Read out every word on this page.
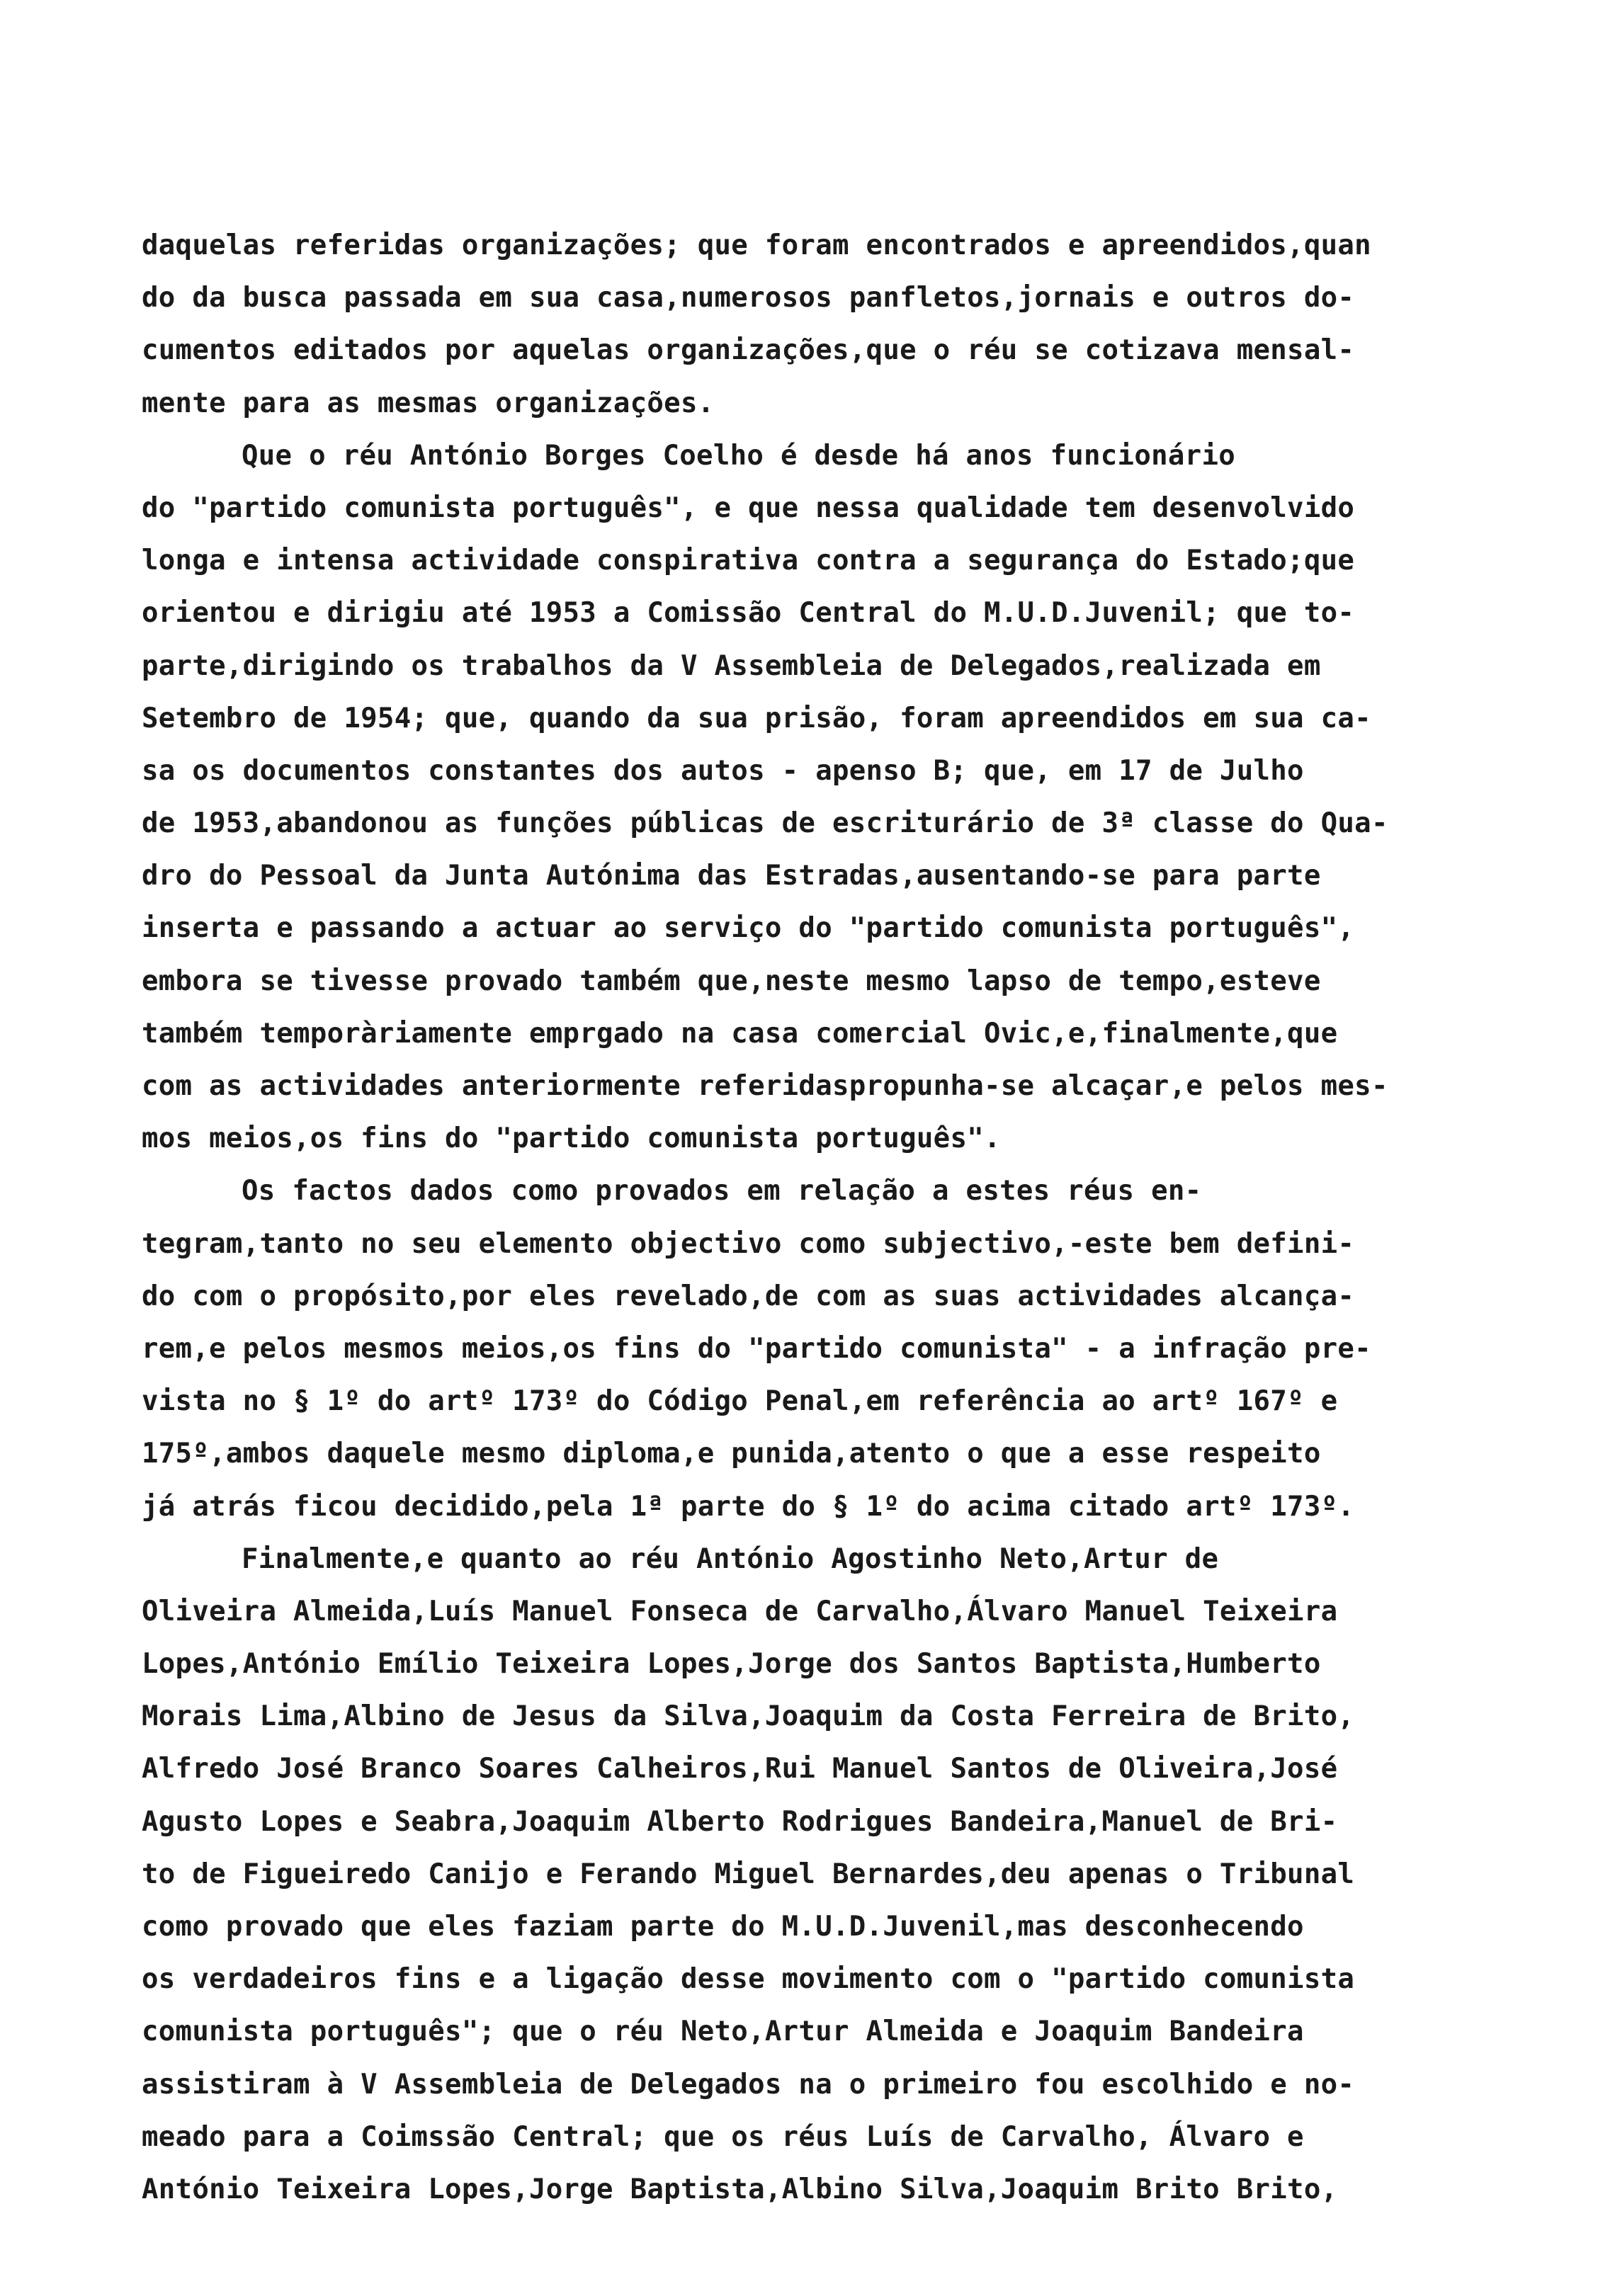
daquelas referidas organizações; que foram encontrados e apreendidos,quan
do da busca passada em sua casa,numerosos panfletos,jornais e outros do-
cumentos editados por aquelas organizações,que o réu se cotizava mensal-
mente para as mesmas organizações.
Que o réu António Borges Coelho é desde há anos funcionário
do "partido comunista português", e que nessa qualidade tem desenvolvido
longa e intensa actividade conspirativa contra a segurança do Estado;que
orientou e dirigiu até 1953 a Comissão Central do M.U.D.Juvenil; que to-
parte,dirigindo os trabalhos da V Assembleia de Delegados,realizada em
Setembro de 1954; que, quando da sua prisão, foram apreendidos em sua ca-
sa os documentos constantes dos autos - apenso B; que, em 17 de Julho
de 1953,abandonou as funções públicas de escriturário de 3ª classe do Qua-
dro do Pessoal da Junta Autónima das Estradas,ausentando-se para parte
inserta e passando a actuar ao serviço do "partido comunista português",
embora se tivesse provado também que,neste mesmo lapso de tempo,esteve
também temporàriamente emprgado na casa comercial Ovic,e,finalmente,que
com as actividades anteriormente referidaspropunha-se alcaçar,e pelos mes-
mos meios,os fins do "partido comunista português".
Os factos dados como provados em relação a estes réus en-
tegram,tanto no seu elemento objectivo como subjectivo,-este bem defini-
do com o propósito,por eles revelado,de com as suas actividades alcança-
rem,e pelos mesmos meios,os fins do "partido comunista" - a infração pre-
vista no § 1º do artº 173º do Código Penal,em referência ao artº 167º e
175º,ambos daquele mesmo diploma,e punida,atento o que a esse respeito
já atrás ficou decidido,pela 1ª parte do § 1º do acima citado artº 173º.
Finalmente,e quanto ao réu António Agostinho Neto,Artur de
Oliveira Almeida,Luís Manuel Fonseca de Carvalho,Álvaro Manuel Teixeira
Lopes,António Emílio Teixeira Lopes,Jorge dos Santos Baptista,Humberto
Morais Lima,Albino de Jesus da Silva,Joaquim da Costa Ferreira de Brito,
Alfredo José Branco Soares Calheiros,Rui Manuel Santos de Oliveira,José
Agusto Lopes e Seabra,Joaquim Alberto Rodrigues Bandeira,Manuel de Bri-
to de Figueiredo Canijo e Ferando Miguel Bernardes,deu apenas o Tribunal
como provado que eles faziam parte do M.U.D.Juvenil,mas desconhecendo
os verdadeiros fins e a ligação desse movimento com o "partido comunista
comunista português"; que o réu Neto,Artur Almeida e Joaquim Bandeira
assistiram à V Assembleia de Delegados na o primeiro fou escolhido e no-
meado para a Coimssão Central; que os réus Luís de Carvalho, Álvaro e
António Teixeira Lopes,Jorge Baptista,Albino Silva,Joaquim Brito Brito,
